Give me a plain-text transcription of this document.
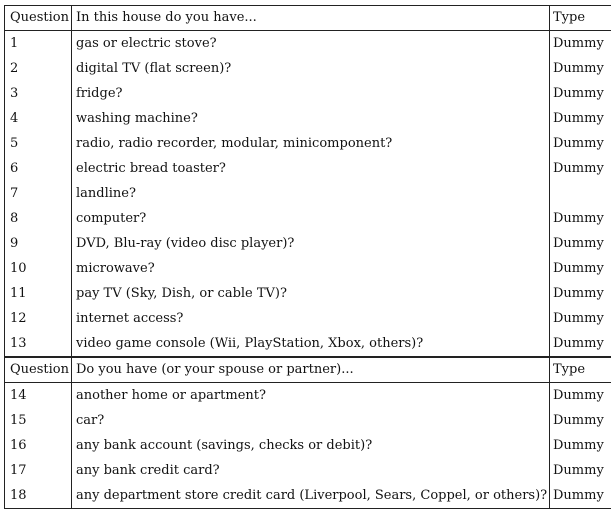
Question	In this house do you have...	Type
1	gas or electric stove?	Dummy
2	digital TV (flat screen)?	Dummy
3	fridge?	Dummy
4	washing machine?	Dummy
5	radio, radio recorder, modular, minicomponent?	Dummy
6	electric bread toaster?	Dummy
7	landline?	
8	computer?	Dummy
9	DVD, Blu-ray (video disc player)?	Dummy
10	microwave?	Dummy
11	pay TV (Sky, Dish, or cable TV)?	Dummy
12	internet access?	Dummy
13	video game console (Wii, PlayStation, Xbox, others)?	Dummy
Question	Do you have (or your spouse or partner)...	Type
14	another home or apartment?	Dummy
15	car?	Dummy
16	any bank account (savings, checks or debit)?	Dummy
17	any bank credit card?	Dummy
18	any department store credit card (Liverpool, Sears, Coppel, or others)?	Dummy
